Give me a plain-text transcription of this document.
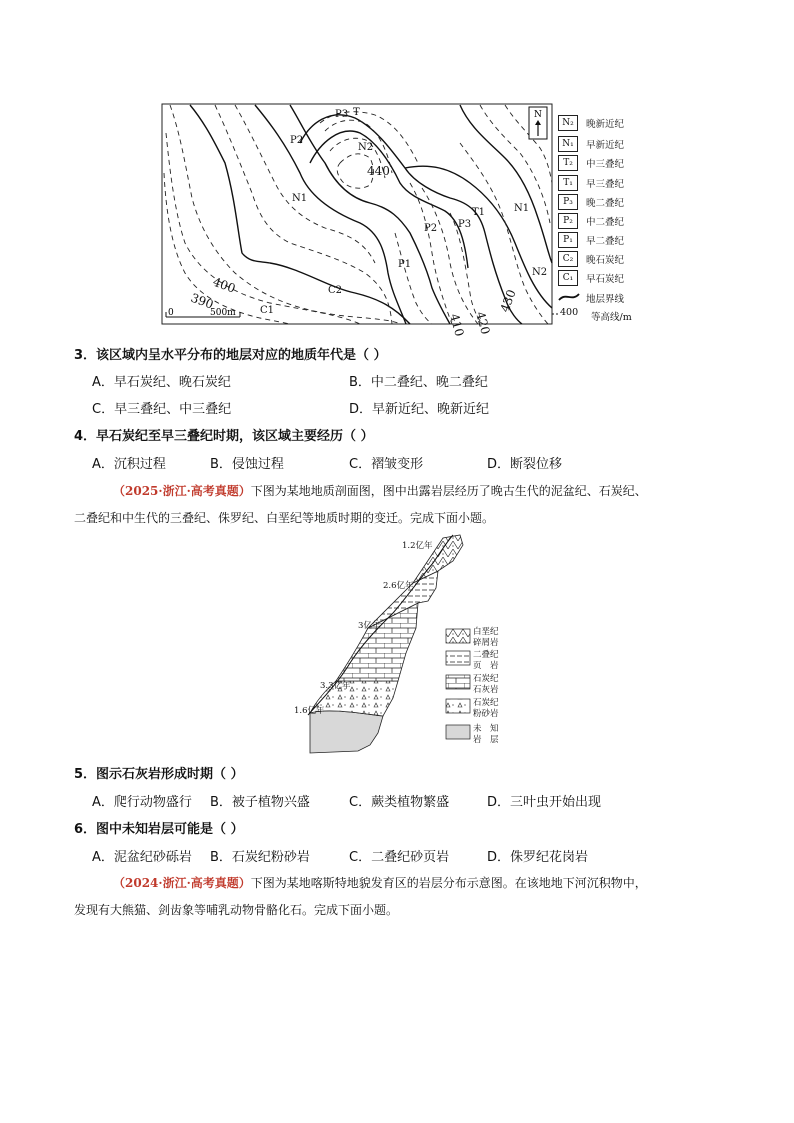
440
400
390
410 420
430
N2
P3 T
P2
N1
T1
P3
N1
P2
P1
C2
C1
N2
0	500m
N
N₂	晚新近纪
N₁	早新近纪
T₂	中三叠纪
T₁	早三叠纪
P₃	晚二叠纪
P₂	中二叠纪
P₁	早二叠纪
C₂	晚石炭纪
C₁	早石炭纪
地层界线
400 等高线/m
3．该区域内呈水平分布的地层对应的地质年代是（ ）
A．早石炭纪、晚石炭纪	B．中二叠纪、晚二叠纪
C．早三叠纪、中三叠纪	D．早新近纪、晚新近纪
4．早石炭纪至早三叠纪时期，该区域主要经历（ ）
A．沉积过程	B．侵蚀过程	C．褶皱变形	D．断裂位移
（2025·浙江·高考真题）下图为某地地质剖面图，图中出露岩层经历了晚古生代的泥盆纪、石炭纪、
二叠纪和中生代的三叠纪、侏罗纪、白垩纪等地质时期的变迁。完成下面小题。
1.2亿年
2.6亿年
3亿年
3.3亿年
1.6亿年
白垩纪
碎屑岩
二叠纪
页　岩
石炭纪
石灰岩
石炭纪
粉砂岩
未　知
岩　层
5．图示石灰岩形成时期（ ）
A．爬行动物盛行 B．被子植物兴盛	C．蕨类植物繁盛	D．三叶虫开始出现
6．图中未知岩层可能是（ ）
A．泥盆纪砂砾岩 B．石炭纪粉砂岩	C．二叠纪砂页岩	D．侏罗纪花岗岩
（2024·浙江·高考真题）下图为某地喀斯特地貌发育区的岩层分布示意图。在该地地下河沉积物中，
发现有大熊猫、剑齿象等哺乳动物骨骼化石。完成下面小题。
